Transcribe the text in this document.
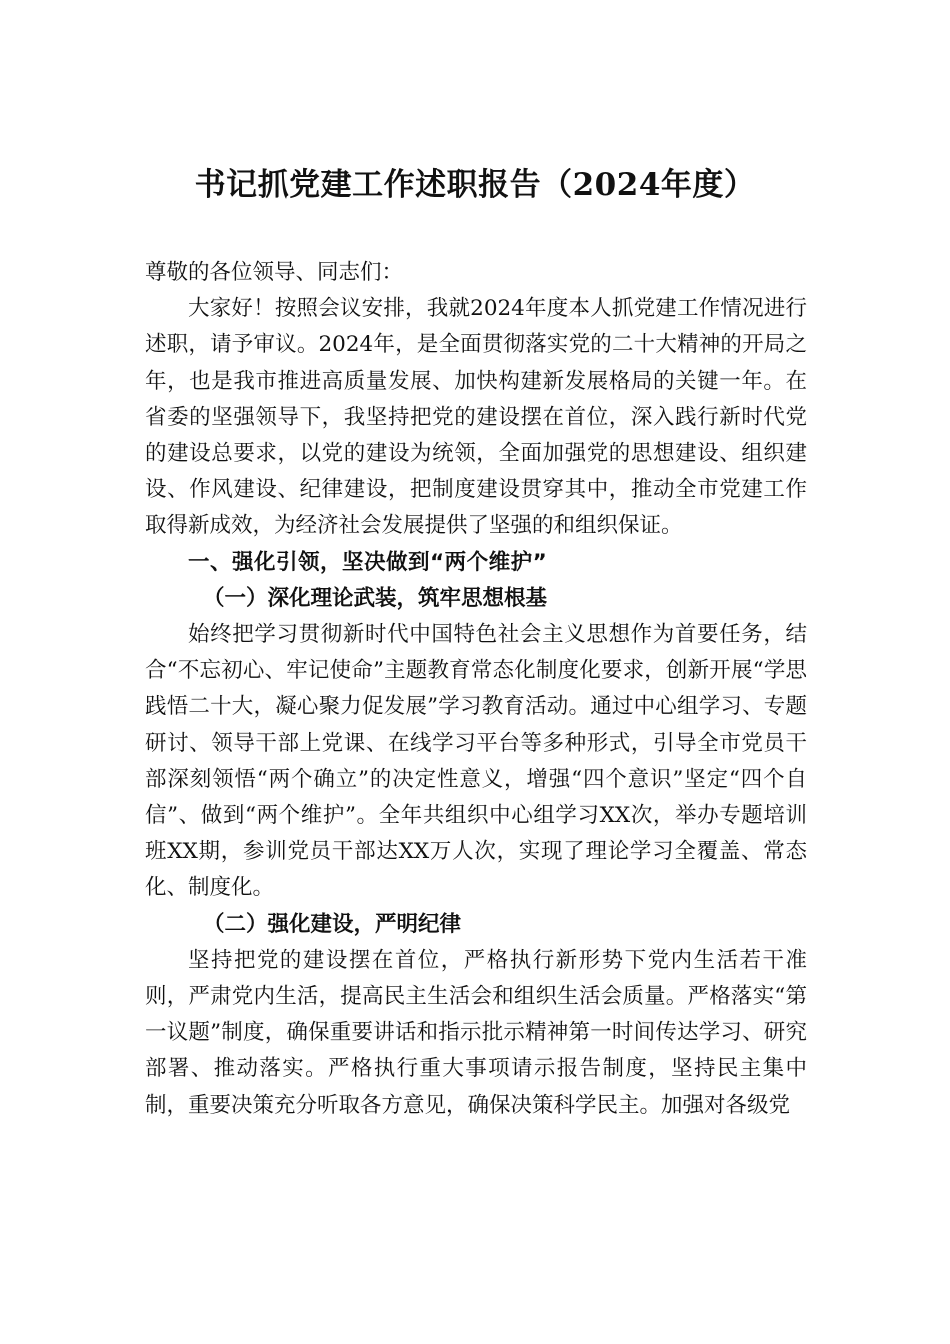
书记抓党建工作述职报告（2024年度）

尊敬的各位领导、同志们：

大家好！按照会议安排，我就2024年度本人抓党建工作情况进行述职，请予审议。2024年，是全面贯彻落实党的二十大精神的开局之年，也是我市推进高质量发展、加快构建新发展格局的关键一年。在省委的坚强领导下，我坚持把党的建设摆在首位，深入践行新时代党的建设总要求，以党的建设为统领，全面加强党的思想建设、组织建设、作风建设、纪律建设，把制度建设贯穿其中，推动全市党建工作取得新成效，为经济社会发展提供了坚强的和组织保证。

一、强化引领，坚决做到“两个维护”

（一）深化理论武装，筑牢思想根基

始终把学习贯彻新时代中国特色社会主义思想作为首要任务，结合“不忘初心、牢记使命”主题教育常态化制度化要求，创新开展“学思践悟二十大，凝心聚力促发展”学习教育活动。通过中心组学习、专题研讨、领导干部上党课、在线学习平台等多种形式，引导全市党员干部深刻领悟“两个确立”的决定性意义，增强“四个意识”坚定“四个自信”、做到“两个维护”。全年共组织中心组学习XX次，举办专题培训班XX期，参训党员干部达XX万人次，实现了理论学习全覆盖、常态化、制度化。

（二）强化建设，严明纪律

坚持把党的建设摆在首位，严格执行新形势下党内生活若干准则，严肃党内生活，提高民主生活会和组织生活会质量。严格落实“第一议题”制度，确保重要讲话和指示批示精神第一时间传达学习、研究部署、推动落实。严格执行重大事项请示报告制度，坚持民主集中制，重要决策充分听取各方意见，确保决策科学民主。加强对各级党
